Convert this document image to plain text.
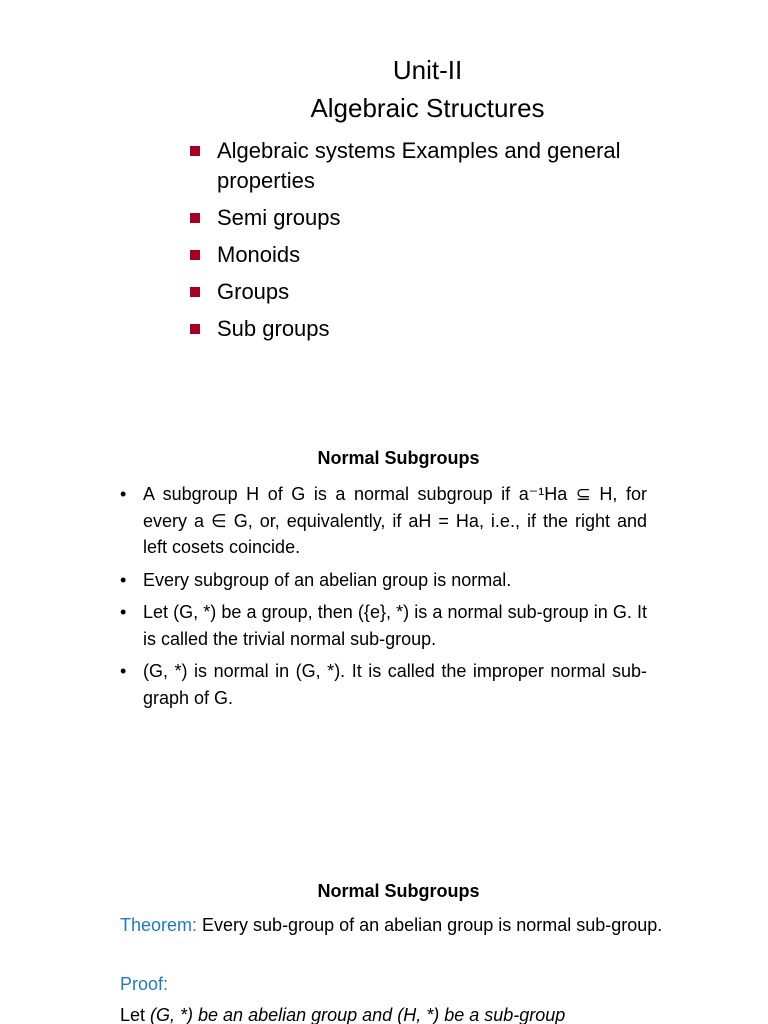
Unit-II
Algebraic Structures
Algebraic systems Examples and general properties
Semi groups
Monoids
Groups
Sub groups
Normal Subgroups
• A subgroup H of G is a normal subgroup if a⁻¹Ha ⊆ H, for every a ∈ G, or, equivalently, if aH = Ha, i.e., if the right and left cosets coincide.
• Every subgroup of an abelian group is normal.
• Let (G, *) be a group, then ({e}, *) is a normal sub-group in G. It is called the trivial normal sub-group.
• (G, *) is normal in (G, *). It is called the improper normal sub-graph of G.
Normal Subgroups

Theorem: Every sub-group of an abelian group is normal sub-group.

Proof:

Let (G, *) be an abelian group and (H, *) be a sub-group
